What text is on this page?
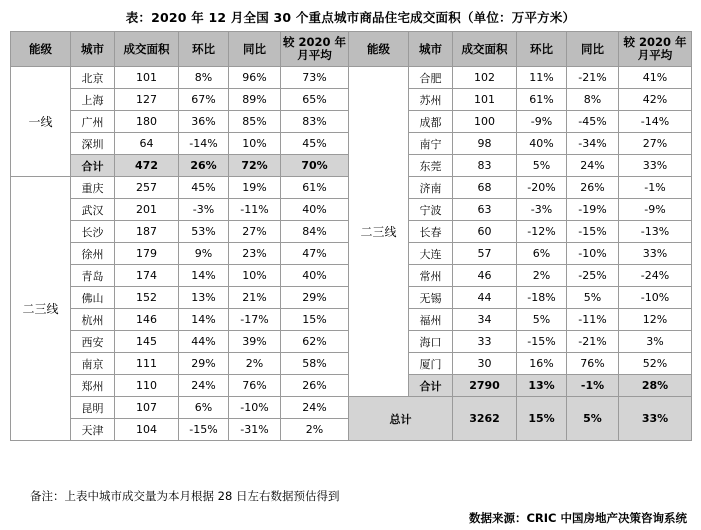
表：2020 年 12 月全国 30 个重点城市商品住宅成交面积（单位：万平方米）
能级	城市	成交面积	环比	同比	较 2020 年月平均	能级	城市	成交面积	环比	同比	较 2020 年月平均
一线	北京	101	8%	96%	73%	二三线	合肥	102	11%	-21%	41%
	上海	127	67%	89%	65%		苏州	101	61%	8%	42%
	广州	180	36%	85%	83%		成都	100	-9%	-45%	-14%
	深圳	64	-14%	10%	45%		南宁	98	40%	-34%	27%
	合计	472	26%	72%	70%		东莞	83	5%	24%	33%
二三线	重庆	257	45%	19%	61%		济南	68	-20%	26%	-1%
	武汉	201	-3%	-11%	40%		宁波	63	-3%	-19%	-9%
	长沙	187	53%	27%	84%		长春	60	-12%	-15%	-13%
	徐州	179	9%	23%	47%		大连	57	6%	-10%	33%
	青岛	174	14%	10%	40%		常州	46	2%	-25%	-24%
	佛山	152	13%	21%	29%		无锡	44	-18%	5%	-10%
	杭州	146	14%	-17%	15%		福州	34	5%	-11%	12%
	西安	145	44%	39%	62%		海口	33	-15%	-21%	3%
	南京	111	29%	2%	58%		厦门	30	16%	76%	52%
	郑州	110	24%	76%	26%		合计	2790	13%	-1%	28%
	昆明	107	6%	-10%	24%	总计		3262	15%	5%	33%
	天津	104	-15%	-31%	2%						
备注：上表中城市成交量为本月根据 28 日左右数据预估得到
数据来源：CRIC 中国房地产决策咨询系统
